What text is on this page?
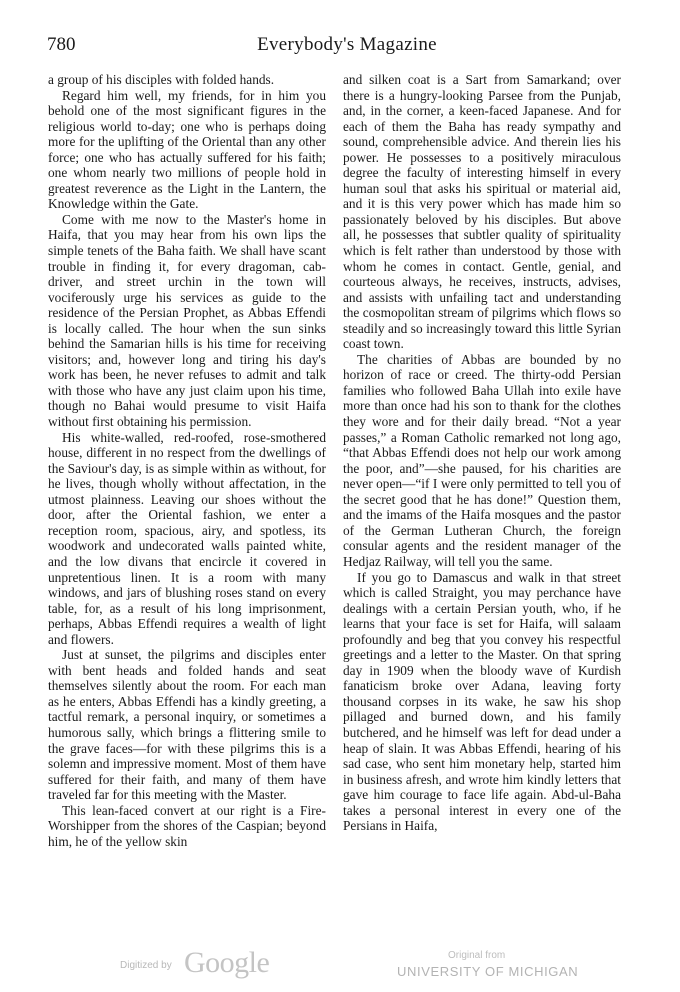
780	Everybody's Magazine

a group of his disciples with folded hands.

Regard him well, my friends, for in him you behold one of the most significant figures in the religious world to-day; one who is perhaps doing more for the uplifting of the Oriental than any other force; one who has actually suffered for his faith; one whom nearly two millions of people hold in greatest reverence as the Light in the Lantern, the Knowledge within the Gate.

Come with me now to the Master's home in Haifa, that you may hear from his own lips the simple tenets of the Baha faith. We shall have scant trouble in finding it, for every dragoman, cab-driver, and street urchin in the town will vociferously urge his services as guide to the residence of the Persian Prophet, as Abbas Effendi is locally called. The hour when the sun sinks behind the Samarian hills is his time for receiving visitors; and, however long and tiring his day's work has been, he never refuses to admit and talk with those who have any just claim upon his time, though no Bahai would presume to visit Haifa without first obtaining his permission.

His white-walled, red-roofed, rose-smothered house, different in no respect from the dwellings of the Saviour's day, is as simple within as without, for he lives, though wholly without affectation, in the utmost plainness. Leaving our shoes without the door, after the Oriental fashion, we enter a reception room, spacious, airy, and spotless, its woodwork and undecorated walls painted white, and the low divans that encircle it covered in unpretentious linen. It is a room with many windows, and jars of blushing roses stand on every table, for, as a result of his long imprisonment, perhaps, Abbas Effendi requires a wealth of light and flowers.

Just at sunset, the pilgrims and disciples enter with bent heads and folded hands and seat themselves silently about the room. For each man as he enters, Abbas Effendi has a kindly greeting, a tactful remark, a personal inquiry, or sometimes a humorous sally, which brings a flittering smile to the grave faces—for with these pilgrims this is a solemn and impressive moment. Most of them have suffered for their faith, and many of them have traveled far for this meeting with the Master.

This lean-faced convert at our right is a Fire-Worshipper from the shores of the Caspian; beyond him, he of the yellow skin

and silken coat is a Sart from Samarkand; over there is a hungry-looking Parsee from the Punjab, and, in the corner, a keen-faced Japanese. And for each of them the Baha has ready sympathy and sound, comprehensible advice. And therein lies his power. He possesses to a positively miraculous degree the faculty of interesting himself in every human soul that asks his spiritual or material aid, and it is this very power which has made him so passionately beloved by his disciples. But above all, he possesses that subtler quality of spirituality which is felt rather than understood by those with whom he comes in contact. Gentle, genial, and courteous always, he receives, instructs, advises, and assists with unfailing tact and understanding the cosmopolitan stream of pilgrims which flows so steadily and so increasingly toward this little Syrian coast town.

The charities of Abbas are bounded by no horizon of race or creed. The thirty-odd Persian families who followed Baha Ullah into exile have more than once had his son to thank for the clothes they wore and for their daily bread. “Not a year passes,” a Roman Catholic remarked not long ago, “that Abbas Effendi does not help our work among the poor, and”—she paused, for his charities are never open—“if I were only permitted to tell you of the secret good that he has done!” Question them, and the imams of the Haifa mosques and the pastor of the German Lutheran Church, the foreign consular agents and the resident manager of the Hedjaz Railway, will tell you the same.

If you go to Damascus and walk in that street which is called Straight, you may perchance have dealings with a certain Persian youth, who, if he learns that your face is set for Haifa, will salaam profoundly and beg that you convey his respectful greetings and a letter to the Master. On that spring day in 1909 when the bloody wave of Kurdish fanaticism broke over Adana, leaving forty thousand corpses in its wake, he saw his shop pillaged and burned down, and his family butchered, and he himself was left for dead under a heap of slain. It was Abbas Effendi, hearing of his sad case, who sent him monetary help, started him in business afresh, and wrote him kindly letters that gave him courage to face life again. Abd-ul-Baha takes a personal interest in every one of the Persians in Haifa,

Digitized by Google	Original from
UNIVERSITY OF MICHIGAN
